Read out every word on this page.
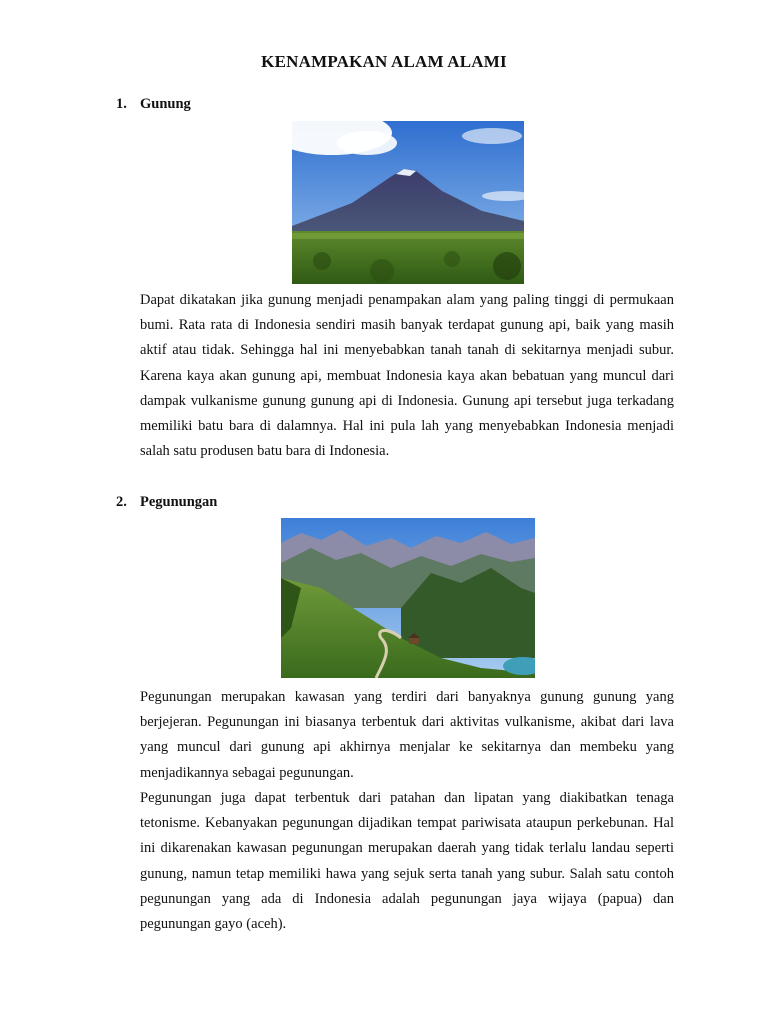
KENAMPAKAN ALAM ALAMI
1. Gunung

Dapat dikatakan jika gunung menjadi penampakan alam yang paling tinggi di permukaan bumi. Rata rata di Indonesia sendiri masih banyak terdapat gunung api, baik yang masih aktif atau tidak. Sehingga hal ini menyebabkan tanah tanah di sekitarnya menjadi subur. Karena kaya akan gunung api, membuat Indonesia kaya akan bebatuan yang muncul dari dampak vulkanisme gunung gunung api di Indonesia. Gunung api tersebut juga terkadang memiliki batu bara di dalamnya. Hal ini pula lah yang menyebabkan Indonesia menjadi salah satu produsen batu bara di Indonesia.

2. Pegunungan

Pegunungan merupakan kawasan yang terdiri dari banyaknya gunung gunung yang berjejeran. Pegunungan ini biasanya terbentuk dari aktivitas vulkanisme, akibat dari lava yang muncul dari gunung api akhirnya menjalar ke sekitarnya dan membeku yang menjadikannya sebagai pegunungan.

Pegunungan juga dapat terbentuk dari patahan dan lipatan yang diakibatkan tenaga tetonisme. Kebanyakan pegunungan dijadikan tempat pariwisata ataupun perkebunan. Hal ini dikarenakan kawasan pegunungan merupakan daerah yang tidak terlalu landau seperti gunung, namun tetap memiliki hawa yang sejuk serta tanah yang subur. Salah satu contoh pegunungan yang ada di Indonesia adalah pegunungan jaya wijaya (papua) dan pegunungan gayo (aceh).
